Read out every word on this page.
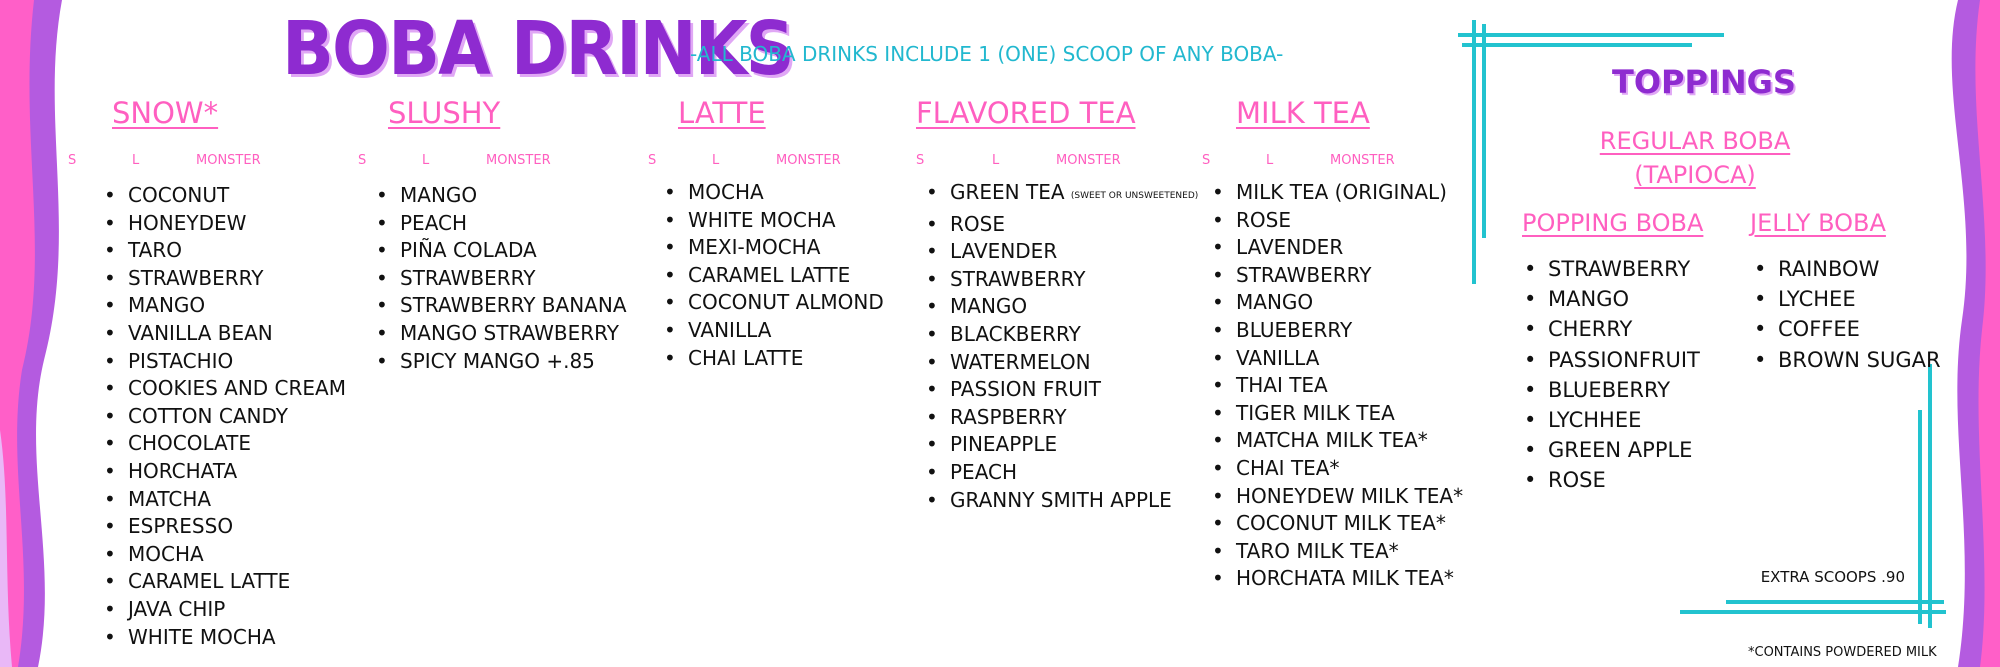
BOBA DRINKS
-ALL BOBA DRINKS INCLUDE 1 (ONE) SCOOP OF ANY BOBA-
SNOW*
S	L	MONSTER
• COCONUT
• HONEYDEW
• TARO
• STRAWBERRY
• MANGO
• VANILLA BEAN
• PISTACHIO
• COOKIES AND CREAM
• COTTON CANDY
• CHOCOLATE
• HORCHATA
• MATCHA
• ESPRESSO
• MOCHA
• CARAMEL LATTE
• JAVA CHIP
• WHITE MOCHA
SLUSHY
S	L	MONSTER
• MANGO
• PEACH
• PIÑA COLADA
• STRAWBERRY
• STRAWBERRY BANANA
• MANGO STRAWBERRY
• SPICY MANGO +.85
LATTE
S	L	MONSTER
• MOCHA
• WHITE MOCHA
• MEXI-MOCHA
• CARAMEL LATTE
• COCONUT ALMOND
• VANILLA
• CHAI LATTE
FLAVORED TEA
S	L	MONSTER
• GREEN TEA (SWEET OR UNSWEETENED)
• ROSE
• LAVENDER
• STRAWBERRY
• MANGO
• BLACKBERRY
• WATERMELON
• PASSION FRUIT
• RASPBERRY
• PINEAPPLE
• PEACH
• GRANNY SMITH APPLE
MILK TEA
S	L	MONSTER
• MILK TEA (ORIGINAL)
• ROSE
• LAVENDER
• STRAWBERRY
• MANGO
• BLUEBERRY
• VANILLA
• THAI TEA
• TIGER MILK TEA
• MATCHA MILK TEA*
• CHAI TEA*
• HONEYDEW MILK TEA*
• COCONUT MILK TEA*
• TARO MILK TEA*
• HORCHATA MILK TEA*
TOPPINGS
REGULAR BOBA
(TAPIOCA)
POPPING BOBA
• STRAWBERRY
• MANGO
• CHERRY
• PASSIONFRUIT
• BLUEBERRY
• LYCHHEE
• GREEN APPLE
• ROSE
JELLY BOBA
• RAINBOW
• LYCHEE
• COFFEE
• BROWN SUGAR
EXTRA SCOOPS .90
*CONTAINS POWDERED MILK
